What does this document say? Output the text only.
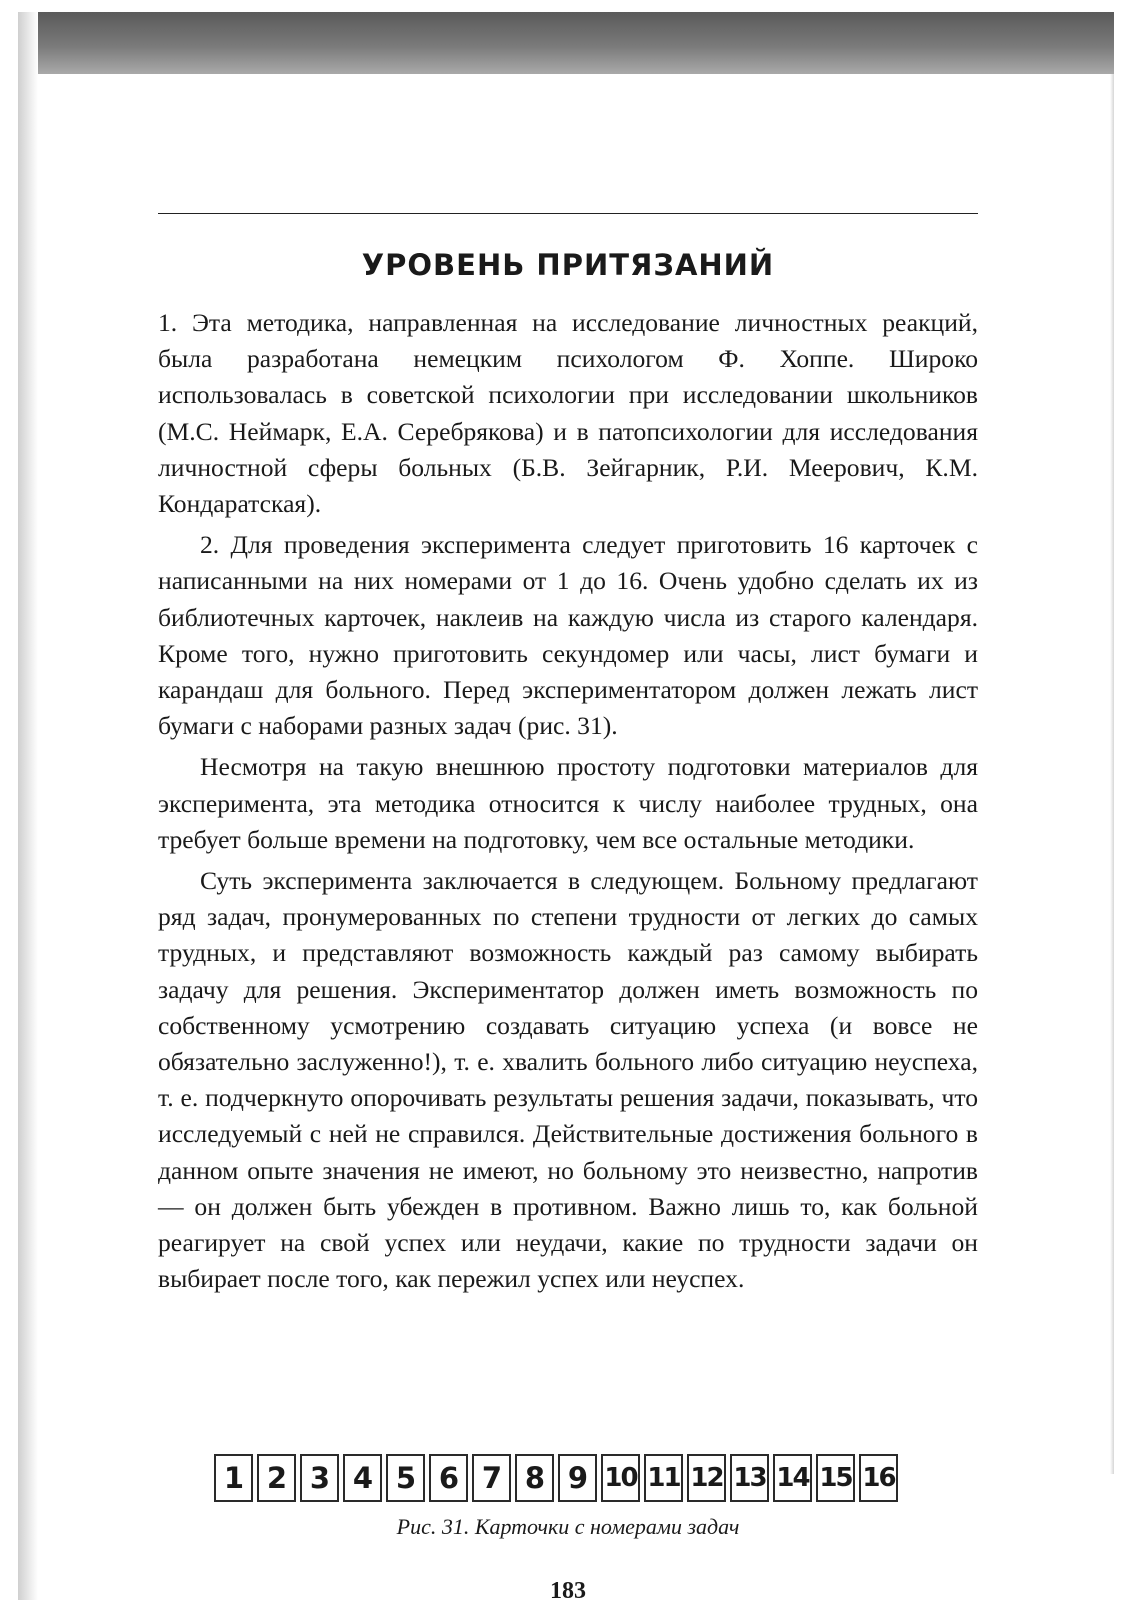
УРОВЕНЬ ПРИТЯЗАНИЙ

1. Эта методика, направленная на исследование личностных реакций, была разработана немецким психологом Ф. Хоппе. Широко использовалась в советской психологии при исследовании школьников (М.С. Неймарк, Е.А. Серебрякова) и в патопсихологии для исследования личностной сферы больных (Б.В. Зейгарник, Р.И. Меерович, К.М. Кондаратская).

2. Для проведения эксперимента следует приготовить 16 карточек с написанными на них номерами от 1 до 16. Очень удобно сделать их из библиотечных карточек, наклеив на каждую числа из старого календаря. Кроме того, нужно приготовить секундомер или часы, лист бумаги и карандаш для больного. Перед экспериментатором должен лежать лист бумаги с наборами разных задач (рис. 31).

Несмотря на такую внешнюю простоту подготовки материалов для эксперимента, эта методика относится к числу наиболее трудных, она требует больше времени на подготовку, чем все остальные методики.

Суть эксперимента заключается в следующем. Больному предлагают ряд задач, пронумерованных по степени трудности от легких до самых трудных, и представляют возможность каждый раз самому выбирать задачу для решения. Экспериментатор должен иметь возможность по собственному усмотрению создавать ситуацию успеха (и вовсе не обязательно заслуженно!), т. е. хвалить больного либо ситуацию неуспеха, т. е. подчеркнуто опорочивать результаты решения задачи, показывать, что исследуемый с ней не справился. Действительные достижения больного в данном опыте значения не имеют, но больному это неизвестно, напротив — он должен быть убежден в противном. Важно лишь то, как больной реагирует на свой успех или неудачи, какие по трудности задачи он выбирает после того, как пережил успех или неуспех.

1 2 3 4 5 6 7 8 9 10 11 12 13 14 15 16

Рис. 31. Карточки с номерами задач

183
